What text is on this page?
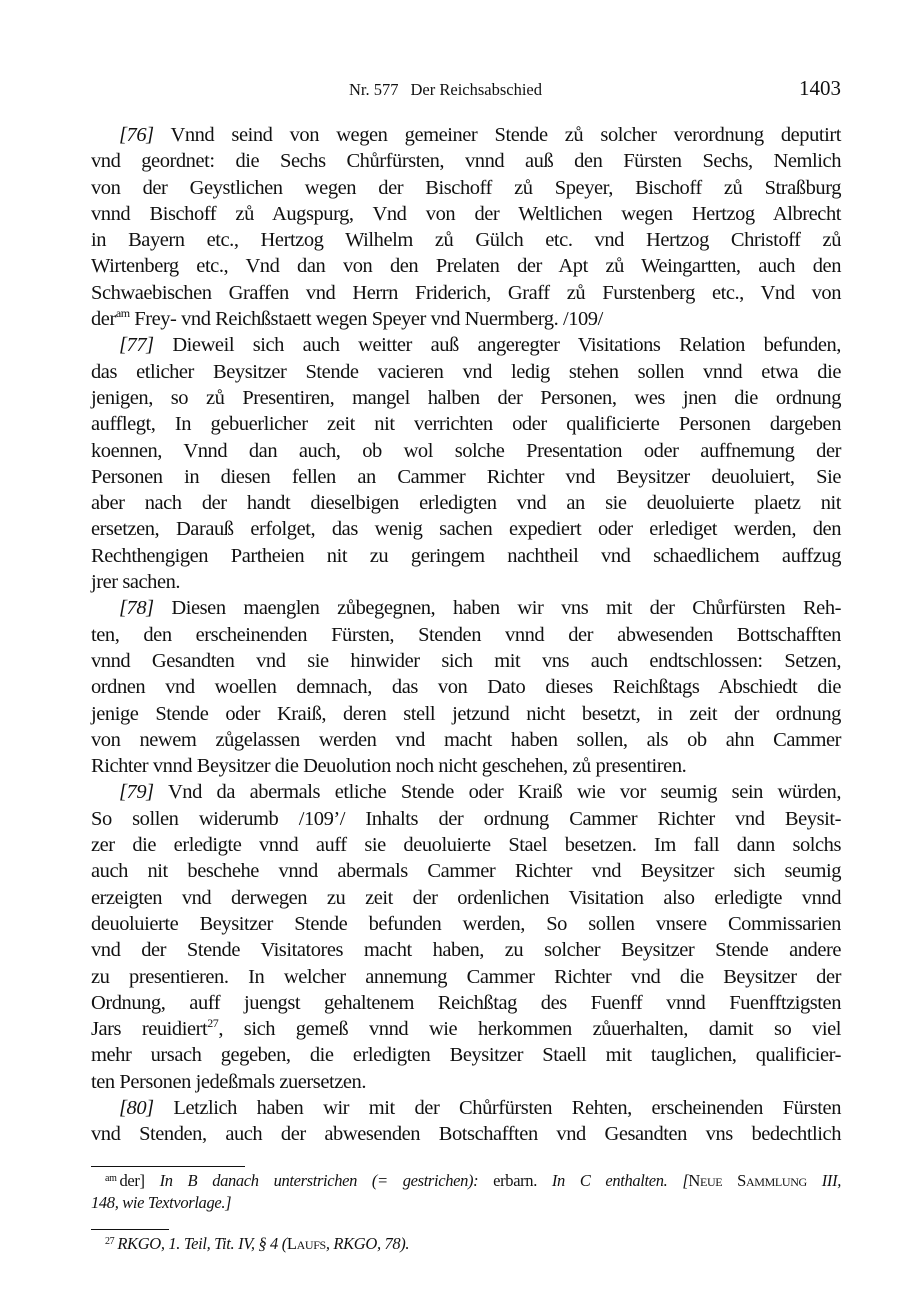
Nr. 577 Der Reichsabschied	1403
[76] Vnnd seind von wegen gemeiner Stende zů solcher verordnung deputirt
vnd geordnet: die Sechs Chůrfürsten, vnnd auß den Fürsten Sechs, Nemlich
von der Geystlichen wegen der Bischoff zů Speyer, Bischoff zů Straßburg
vnnd Bischoff zů Augspurg, Vnd von der Weltlichen wegen Hertzog Albrecht
in Bayern etc., Hertzog Wilhelm zů Gülch etc. vnd Hertzog Christoff zů
Wirtenberg etc., Vnd dan von den Prelaten der Apt zů Weingartten, auch den
Schwaebischen Graffen vnd Herrn Friderich, Graff zů Furstenberg etc., Vnd von
der$^{am}$ Frey- vnd Reichßstaett wegen Speyer vnd Nuermberg. /109/
[77] Dieweil sich auch weitter auß angeregter Visitations Relation befunden,
das etlicher Beysitzer Stende vacieren vnd ledig stehen sollen vnnd etwa die
jenigen, so zů Presentiren, mangel halben der Personen, wes jnen die ordnung
aufflegt, In gebuerlicher zeit nit verrichten oder qualificierte Personen dargeben
koennen, Vnnd dan auch, ob wol solche Presentation oder auffnemung der
Personen in diesen fellen an Cammer Richter vnd Beysitzer deuoluiert, Sie
aber nach der handt dieselbigen erledigten vnd an sie deuoluierte plaetz nit
ersetzen, Darauß erfolget, das wenig sachen expediert oder erlediget werden, den
Rechthengigen Partheien nit zu geringem nachtheil vnd schaedlichem auffzug
jrer sachen.
[78] Diesen maenglen zůbegegnen, haben wir vns mit der Chůrfürsten Reh-
ten, den erscheinenden Fürsten, Stenden vnnd der abwesenden Bottschafften
vnnd Gesandten vnd sie hinwider sich mit vns auch endtschlossen: Setzen,
ordnen vnd woellen demnach, das von Dato dieses Reichßtags Abschiedt die
jenige Stende oder Kraiß, deren stell jetzund nicht besetzt, in zeit der ordnung
von newem zůgelassen werden vnd macht haben sollen, als ob ahn Cammer
Richter vnnd Beysitzer die Deuolution noch nicht geschehen, zů presentiren.
[79] Vnd da abermals etliche Stende oder Kraiß wie vor seumig sein würden,
So sollen widerumb /109’/ Inhalts der ordnung Cammer Richter vnd Beysit-
zer die erledigte vnnd auff sie deuoluierte Stael besetzen. Im fall dann solchs
auch nit beschehe vnnd abermals Cammer Richter vnd Beysitzer sich seumig
erzeigten vnd derwegen zu zeit der ordenlichen Visitation also erledigte vnnd
deuoluierte Beysitzer Stende befunden werden, So sollen vnsere Commissarien
vnd der Stende Visitatores macht haben, zu solcher Beysitzer Stende andere
zu presentieren. In welcher annemung Cammer Richter vnd die Beysitzer der
Ordnung, auff juengst gehaltenem Reichßtag des Fuenff vnnd Fuenfftzigsten
Jars reuidiert$^{27}$, sich gemeß vnnd wie herkommen zůuerhalten, damit so viel
mehr ursach gegeben, die erledigten Beysitzer Staell mit tauglichen, qualificier-
ten Personen jedeßmals zuersetzen.
[80] Letzlich haben wir mit der Chůrfürsten Rehten, erscheinenden Fürsten
vnd Stenden, auch der abwesenden Botschafften vnd Gesandten vns bedechtlich
$^{am}$ der] In B danach unterstrichen (= gestrichen): erbarn. In C enthalten. [Neue Sammlung III,
148, wie Textvorlage.]
$^{27}$ RKGO, 1. Teil, Tit. IV, § 4 (Laufs, RKGO, 78).
